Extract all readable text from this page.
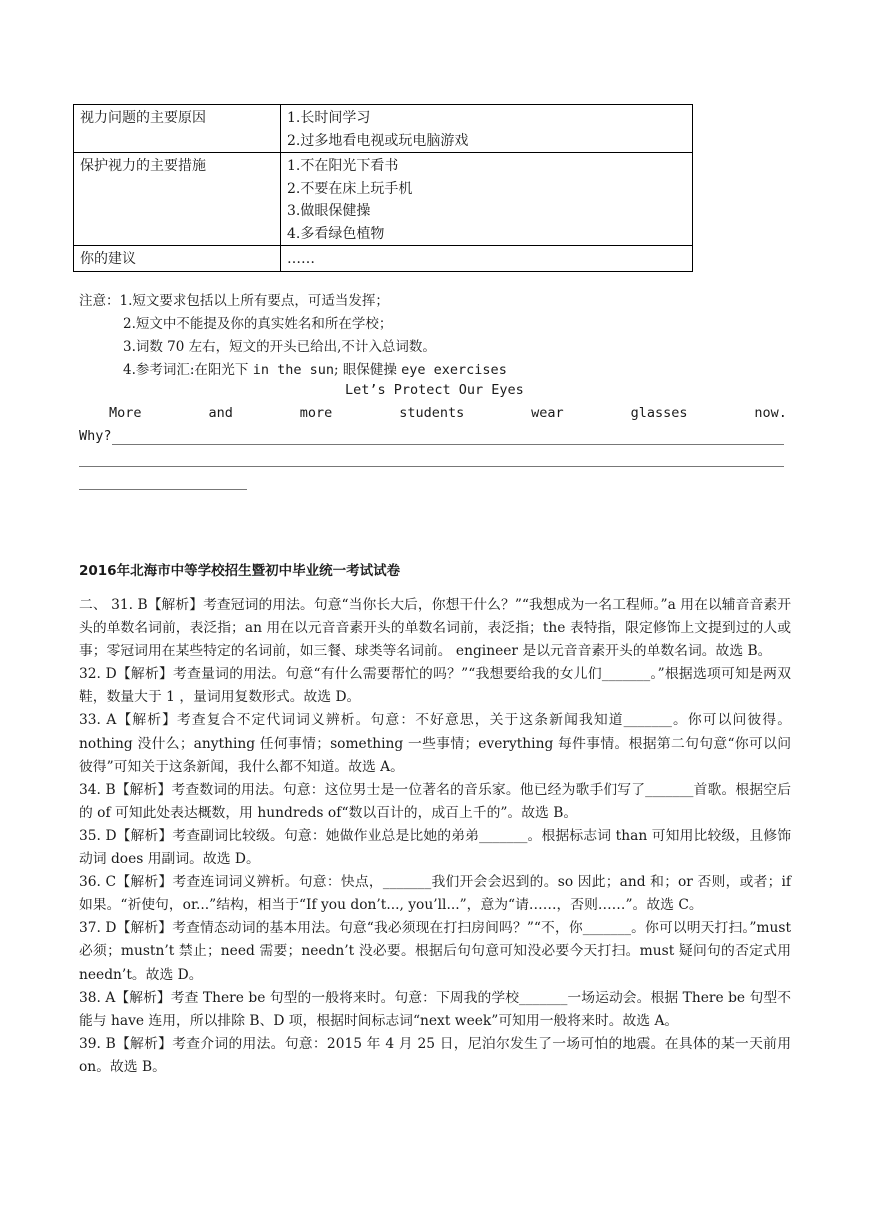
视力问题的主要原因	1.长时间学习
2.过多地看电视或玩电脑游戏

保护视力的主要措施	1.不在阳光下看书
2.不要在床上玩手机
3.做眼保健操
4.多看绿色植物

你的建议	……
注意：1.短文要求包括以上所有要点，可适当发挥；
2.短文中不能提及你的真实姓名和所在学校；
3.词数 70 左右，短文的开头已给出,不计入总词数。
4.参考词汇:在阳光下 in the sun; 眼保健操 eye exercises
Let’s Protect Our Eyes
More	and	more	students	wear	glasses	now.
Why?
2016年北海市中等学校招生暨初中毕业统一考试试卷

二、 31. B【解析】考查冠词的用法。句意“当你长大后，你想干什么？”“我想成为一名工程师。”a 用在以辅音音素开头的单数名词前，表泛指；an 用在以元音音素开头的单数名词前，表泛指；the 表特指，限定修饰上文提到过的人或事；零冠词用在某些特定的名词前，如三餐、球类等名词前。 engineer 是以元音音素开头的单数名词。故选 B。

32. D【解析】考查量词的用法。句意“有什么需要帮忙的吗？”“我想要给我的女儿们_______。”根据选项可知是两双鞋，数量大于 1 ，量词用复数形式。故选 D。

33. A【解析】考查复合不定代词词义辨析。句意：不好意思，关于这条新闻我知道_______。你可以问彼得。nothing 没什么；anything 任何事情；something 一些事情；everything 每件事情。根据第二句句意“你可以问彼得”可知关于这条新闻，我什么都不知道。故选 A。

34. B【解析】考查数词的用法。句意：这位男士是一位著名的音乐家。他已经为歌手们写了_______首歌。根据空后的 of 可知此处表达概数，用 hundreds of“数以百计的，成百上千的”。故选 B。

35. D【解析】考查副词比较级。句意：她做作业总是比她的弟弟_______。根据标志词 than 可知用比较级，且修饰动词 does 用副词。故选 D。

36. C【解析】考查连词词义辨析。句意：快点，_______我们开会会迟到的。so 因此；and 和；or 否则，或者；if 如果。“祈使句，or...”结构，相当于“If you don’t..., you’ll...”，意为“请……，否则……”。故选 C。

37. D【解析】考查情态动词的基本用法。句意“我必须现在打扫房间吗？”“不，你_______。你可以明天打扫。”must 必须；mustn’t 禁止；need 需要；needn’t 没必要。根据后句句意可知没必要今天打扫。must 疑问句的否定式用 needn’t。故选 D。

38. A【解析】考查 There be 句型的一般将来时。句意：下周我的学校_______一场运动会。根据 There be 句型不能与 have 连用，所以排除 B、D 项，根据时间标志词“next week”可知用一般将来时。故选 A。

39. B【解析】考查介词的用法。句意：2015 年 4 月 25 日，尼泊尔发生了一场可怕的地震。在具体的某一天前用 on。故选 B。
